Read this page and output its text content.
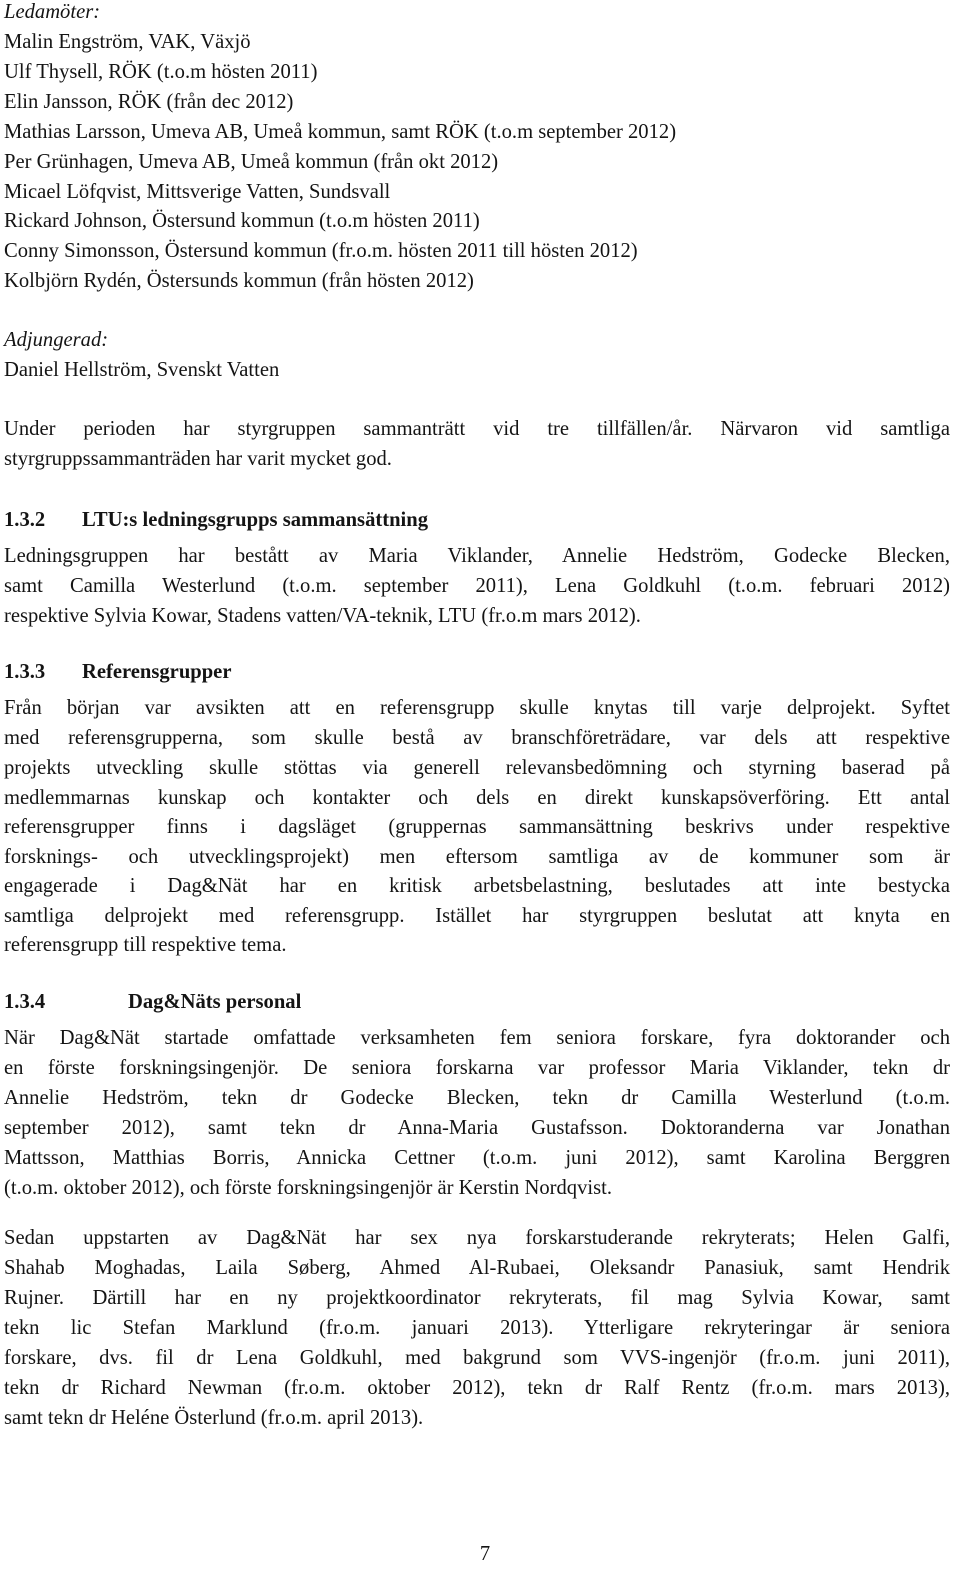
Ledamöter:
Malin Engström, VAK, Växjö
Ulf Thysell, RÖK (t.o.m hösten 2011)
Elin Jansson, RÖK (från dec 2012)
Mathias Larsson, Umeva AB, Umeå kommun, samt RÖK (t.o.m september 2012)
Per Grünhagen, Umeva AB, Umeå kommun (från okt 2012)
Micael Löfqvist, Mittsverige Vatten, Sundsvall
Rickard Johnson, Östersund kommun (t.o.m hösten 2011)
Conny Simonsson, Östersund kommun (fr.o.m. hösten 2011 till hösten 2012)
Kolbjörn Rydén, Östersunds kommun (från hösten 2012)
Adjungerad:
Daniel Hellström, Svenskt Vatten
Under perioden har styrgruppen sammanträtt vid tre tillfällen/år. Närvaron vid samtliga
styrgruppssammanträden har varit mycket god.
1.3.2 LTU:s ledningsgrupps sammansättning
Ledningsgruppen har bestått av Maria Viklander, Annelie Hedström, Godecke Blecken,
samt Camilla Westerlund (t.o.m. september 2011), Lena Goldkuhl (t.o.m. februari 2012)
respektive Sylvia Kowar, Stadens vatten/VA-teknik, LTU (fr.o.m mars 2012).
1.3.3 Referensgrupper
Från början var avsikten att en referensgrupp skulle knytas till varje delprojekt. Syftet
med referensgrupperna, som skulle bestå av branschföreträdare, var dels att respektive
projekts utveckling skulle stöttas via generell relevansbedömning och styrning baserad på
medlemmarnas kunskap och kontakter och dels en direkt kunskapsöverföring. Ett antal
referensgrupper finns i dagsläget (gruppernas sammansättning beskrivs under respektive
forsknings- och utvecklingsprojekt) men eftersom samtliga av de kommuner som är
engagerade i Dag&Nät har en kritisk arbetsbelastning, beslutades att inte bestycka
samtliga delprojekt med referensgrupp. Istället har styrgruppen beslutat att knyta en
referensgrupp till respektive tema.
1.3.4	Dag&Näts personal
När Dag&Nät startade omfattade verksamheten fem seniora forskare, fyra doktorander och
en förste forskningsingenjör. De seniora forskarna var professor Maria Viklander, tekn dr
Annelie Hedström, tekn dr Godecke Blecken, tekn dr Camilla Westerlund (t.o.m.
september 2012), samt tekn dr Anna-Maria Gustafsson. Doktoranderna var Jonathan
Mattsson, Matthias Borris, Annicka Cettner (t.o.m. juni 2012), samt Karolina Berggren
(t.o.m. oktober 2012), och förste forskningsingenjör är Kerstin Nordqvist.
Sedan uppstarten av Dag&Nät har sex nya forskarstuderande rekryterats; Helen Galfi,
Shahab Moghadas, Laila Søberg, Ahmed Al-Rubaei, Oleksandr Panasiuk, samt Hendrik
Rujner. Därtill har en ny projektkoordinator rekryterats, fil mag Sylvia Kowar, samt
tekn lic Stefan Marklund (fr.o.m. januari 2013). Ytterligare rekryteringar är seniora
forskare, dvs. fil dr Lena Goldkuhl, med bakgrund som VVS-ingenjör (fr.o.m. juni 2011),
tekn dr Richard Newman (fr.o.m. oktober 2012), tekn dr Ralf Rentz (fr.o.m. mars 2013),
samt tekn dr Heléne Österlund (fr.o.m. april 2013).
7
